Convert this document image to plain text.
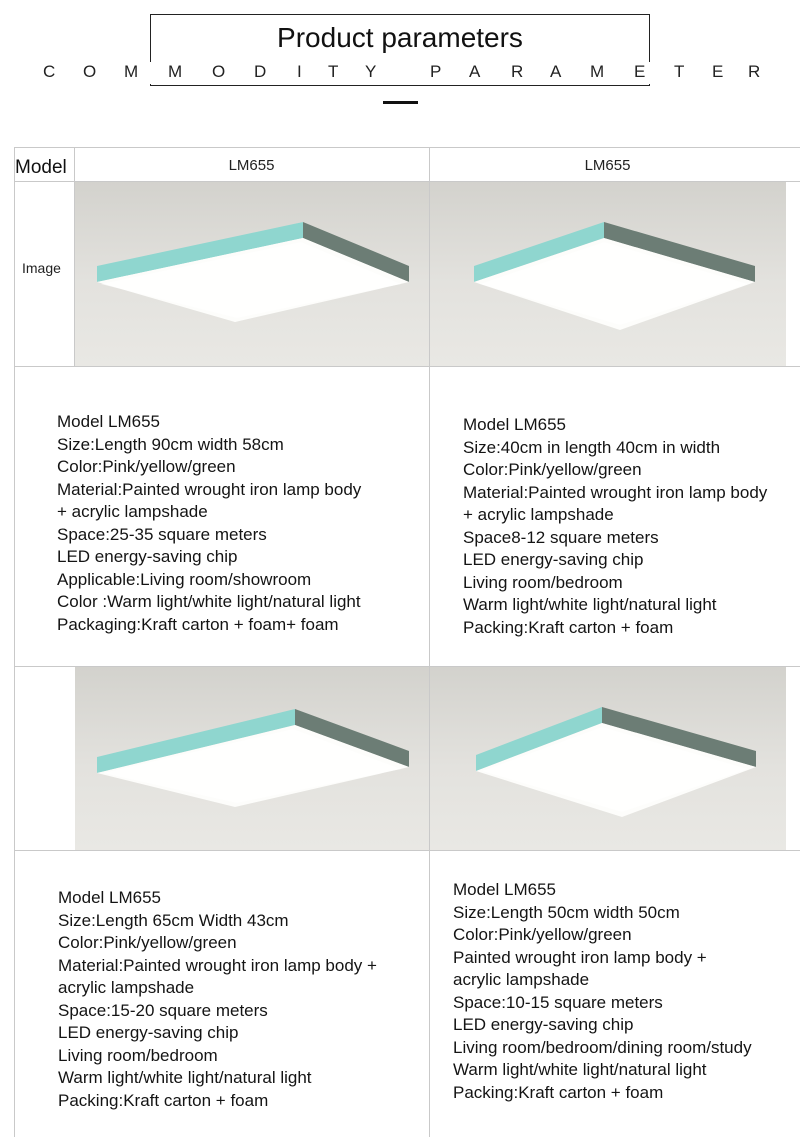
Product parameters
C O M M O D I T Y	P A R A M E T E R
Model	LM655	LM655
Image
Model LM655
Size:Length 90cm width 58cm
Color:Pink/yellow/green
Material:Painted wrought iron lamp body
+ acrylic lampshade
Space:25-35 square meters
LED energy-saving chip
Applicable:Living room/showroom
Color :Warm light/white light/natural light
Packaging:Kraft carton + foam+ foam
Model LM655
Size:40cm in length 40cm in width
Color:Pink/yellow/green
Material:Painted wrought iron lamp body
+ acrylic lampshade
Space8-12 square meters
LED energy-saving chip
Living room/bedroom
Warm light/white light/natural light
Packing:Kraft carton + foam
Model LM655
Size:Length 65cm Width 43cm
Color:Pink/yellow/green
Material:Painted wrought iron lamp body +
acrylic lampshade
Space:15-20 square meters
LED energy-saving chip
Living room/bedroom
Warm light/white light/natural light
Packing:Kraft carton + foam
Model LM655
Size:Length 50cm width 50cm
Color:Pink/yellow/green
Painted wrought iron lamp body +
acrylic lampshade
Space:10-15 square meters
LED energy-saving chip
Living room/bedroom/dining room/study
Warm light/white light/natural light
Packing:Kraft carton + foam
